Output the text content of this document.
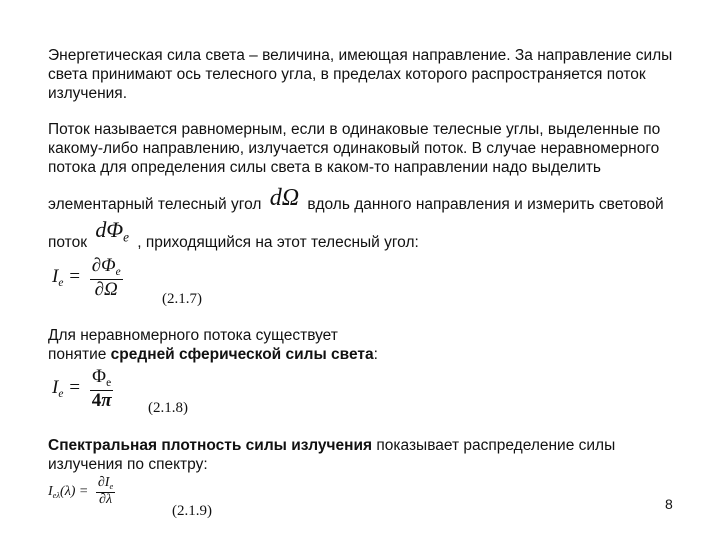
Энергетическая сила света – величина, имеющая направление. За направление силы света принимают ось телесного угла, в пределах которого распространяется поток излучения.

Поток называется равномерным, если в одинаковые телесные углы, выделенные по какому-либо направлению, излучается одинаковый поток. В случае неравномерного потока для определения силы света в каком-то направлении надо выделить

элементарный телесный угол dΩ вдоль данного направления и измерить световой
поток $d\Phi_e$ , приходящийся на этот телесный угол:
$I_e = \frac{\partial\Phi_e}{\partial\Omega}$	(2.1.7)
Для неравномерного потока существует
понятие средней сферической силы света:
$I_e = \frac{\Phi_e}{4\pi} (2.1.8)$
Спектральная плотность силы излучения показывает распределение силы излучения по спектру:
$I_{e\lambda}(\lambda) = \frac{\partial I_e}{\partial\lambda}$
(2.1.9)	8
